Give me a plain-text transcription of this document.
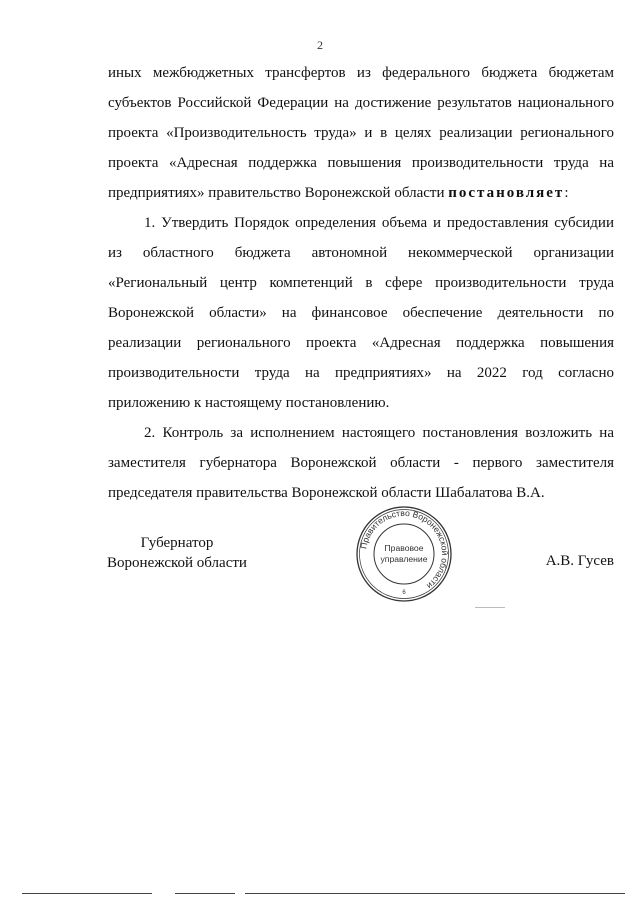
2

иных межбюджетных трансфертов из федерального бюджета бюджетам субъектов Российской Федерации на достижение результатов национального проекта «Производительность труда» и в целях реализации регионального проекта «Адресная поддержка повышения производительности труда на предприятиях» правительство Воронежской области постановляет:

1. Утвердить Порядок определения объема и предоставления субсидии из областного бюджета автономной некоммерческой организации «Региональный центр компетенций в сфере производительности труда Воронежской области» на финансовое обеспечение деятельности по реализации регионального проекта «Адресная поддержка повышения производительности труда на предприятиях» на 2022 год согласно приложению к настоящему постановлению.

2. Контроль за исполнением настоящего постановления возложить на заместителя губернатора Воронежской области - первого заместителя председателя правительства Воронежской области Шабалатова В.А.

Губернатор
Воронежской области	А.В. Гусев
Правительство Воронежской области
Правовое
управление
6
